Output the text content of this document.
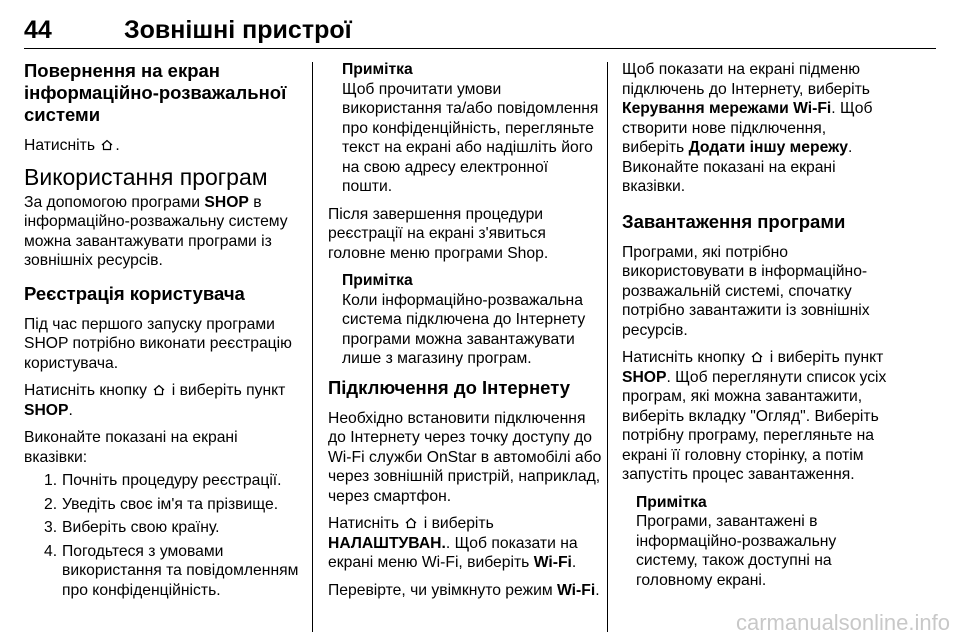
44	Зовнішні пристрої
Повернення на екран інформаційно-розважальної системи

Натисніть .

Використання програм

За допомогою програми SHOP в інформаційно-розважальну систему можна завантажувати програми із зовнішніх ресурсів.

Реєстрація користувача

Під час першого запуску програми SHOP потрібно виконати реєстрацію користувача.

Натисніть кнопку і виберіть пункт SHOP.

Виконайте показані на екрані вказівки:

1. Почніть процедуру реєстрації.
2. Уведіть своє ім'я та прізвище.
3. Виберіть свою країну.
4. Погодьтеся з умовами використання та повідомленням про конфіденційність.
Примітка
Щоб прочитати умови використання та/або повідомлення про конфіденційність, перегляньте текст на екрані або надішліть його на свою адресу електронної пошти.

Після завершення процедури реєстрації на екрані з'явиться головне меню програми Shop.

Примітка
Коли інформаційно-розважальна система підключена до Інтернету програми можна завантажувати лише з магазину програм.
Підключення до Інтернету

Необхідно встановити підключення до Інтернету через точку доступу до Wi-Fi служби OnStar в автомобілі або через зовнішній пристрій, наприклад, через смартфон.

Натисніть і виберіть НАЛАШТУВАН.. Щоб показати на екрані меню Wi-Fi, виберіть Wi-Fi.

Перевірте, чи увімкнуто режим Wi-Fi.

Щоб показати на екрані підменю підключень до Інтернету, виберіть Керування мережами Wi-Fi. Щоб створити нове підключення, виберіть Додати іншу мережу. Виконайте показані на екрані вказівки.

Завантаження програми

Програми, які потрібно використовувати в інформаційно-розважальній системі, спочатку потрібно завантажити із зовнішніх ресурсів.

Натисніть кнопку і виберіть пункт SHOP. Щоб переглянути список усіх програм, які можна завантажити, виберіть вкладку "Огляд". Виберіть потрібну програму, перегляньте на екрані її головну сторінку, а потім запустіть процес завантаження.

Примітка
Програми, завантажені в інформаційно-розважальну систему, також доступні на головному екрані.
carmanualsonline.info
